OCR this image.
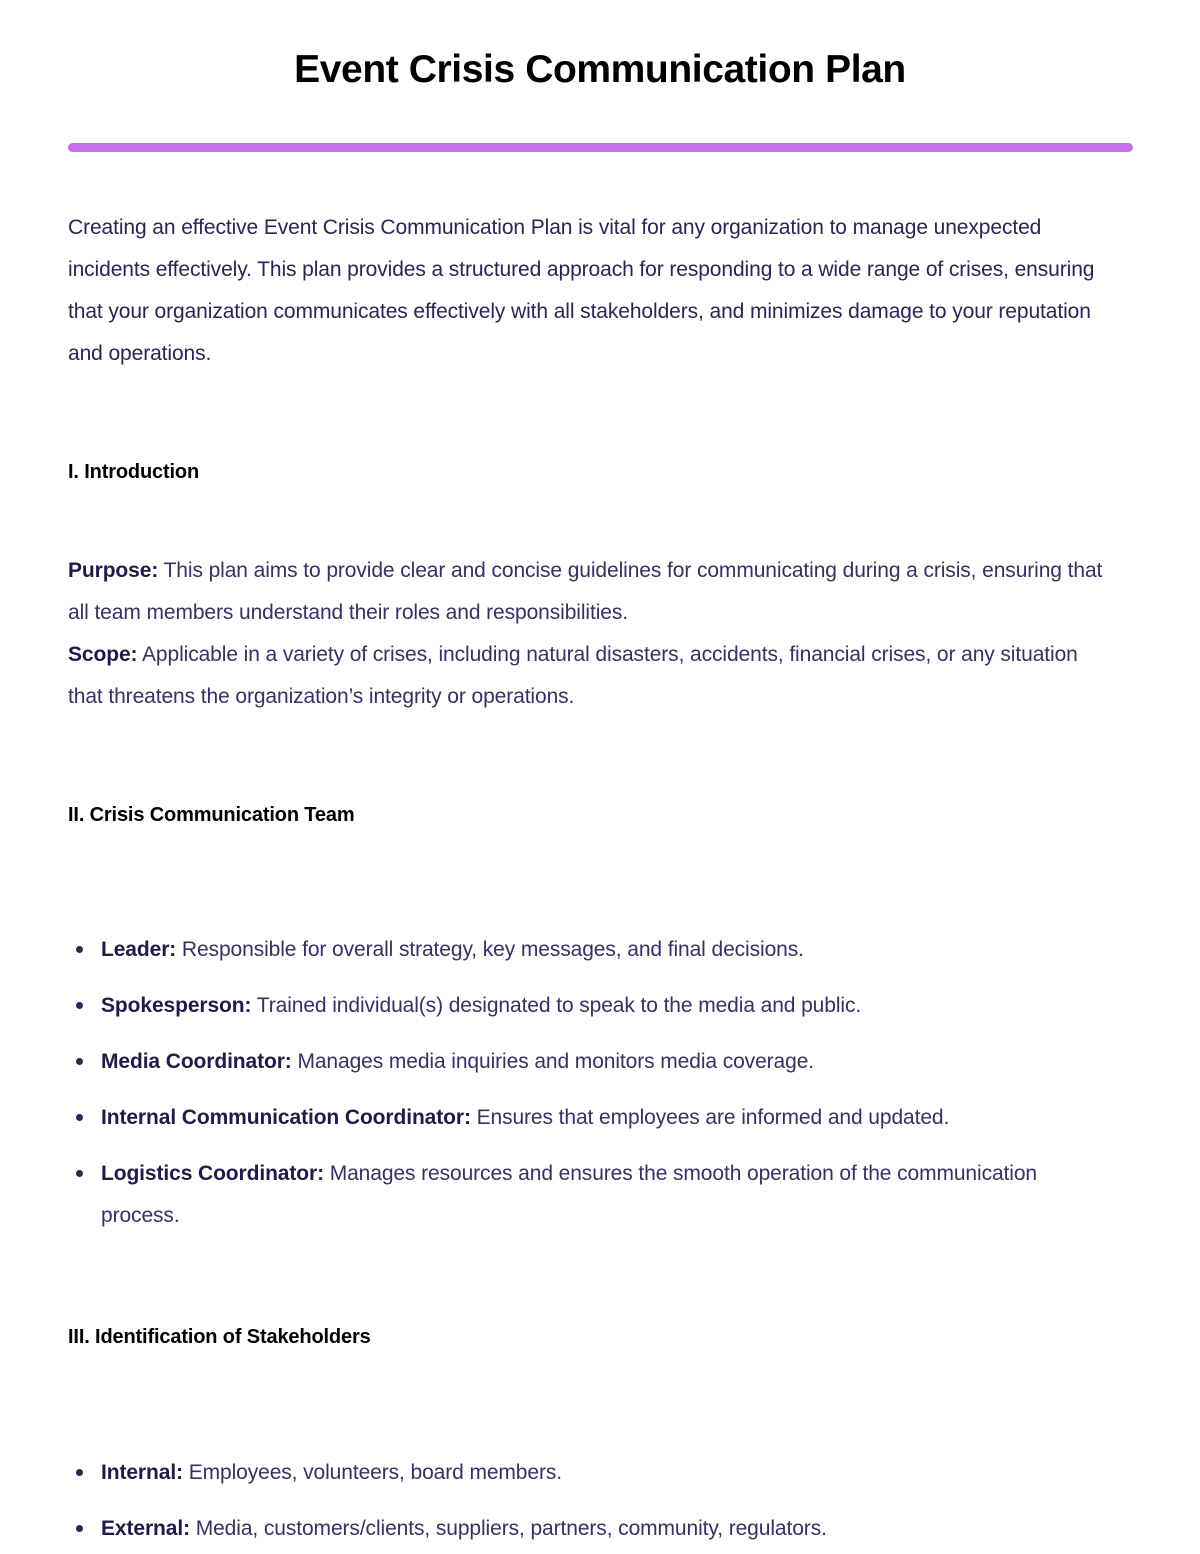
Event Crisis Communication Plan

Creating an effective Event Crisis Communication Plan is vital for any organization to manage unexpected incidents effectively. This plan provides a structured approach for responding to a wide range of crises, ensuring that your organization communicates effectively with all stakeholders, and minimizes damage to your reputation and operations.

I. Introduction

Purpose: This plan aims to provide clear and concise guidelines for communicating during a crisis, ensuring that all team members understand their roles and responsibilities.

Scope: Applicable in a variety of crises, including natural disasters, accidents, financial crises, or any situation that threatens the organization’s integrity or operations.

II. Crisis Communication Team
Leader: Responsible for overall strategy, key messages, and final decisions.
Spokesperson: Trained individual(s) designated to speak to the media and public.
Media Coordinator: Manages media inquiries and monitors media coverage.
Internal Communication Coordinator: Ensures that employees are informed and updated.
Logistics Coordinator: Manages resources and ensures the smooth operation of the communication process.
III. Identification of Stakeholders
Internal: Employees, volunteers, board members.
External: Media, customers/clients, suppliers, partners, community, regulators.
